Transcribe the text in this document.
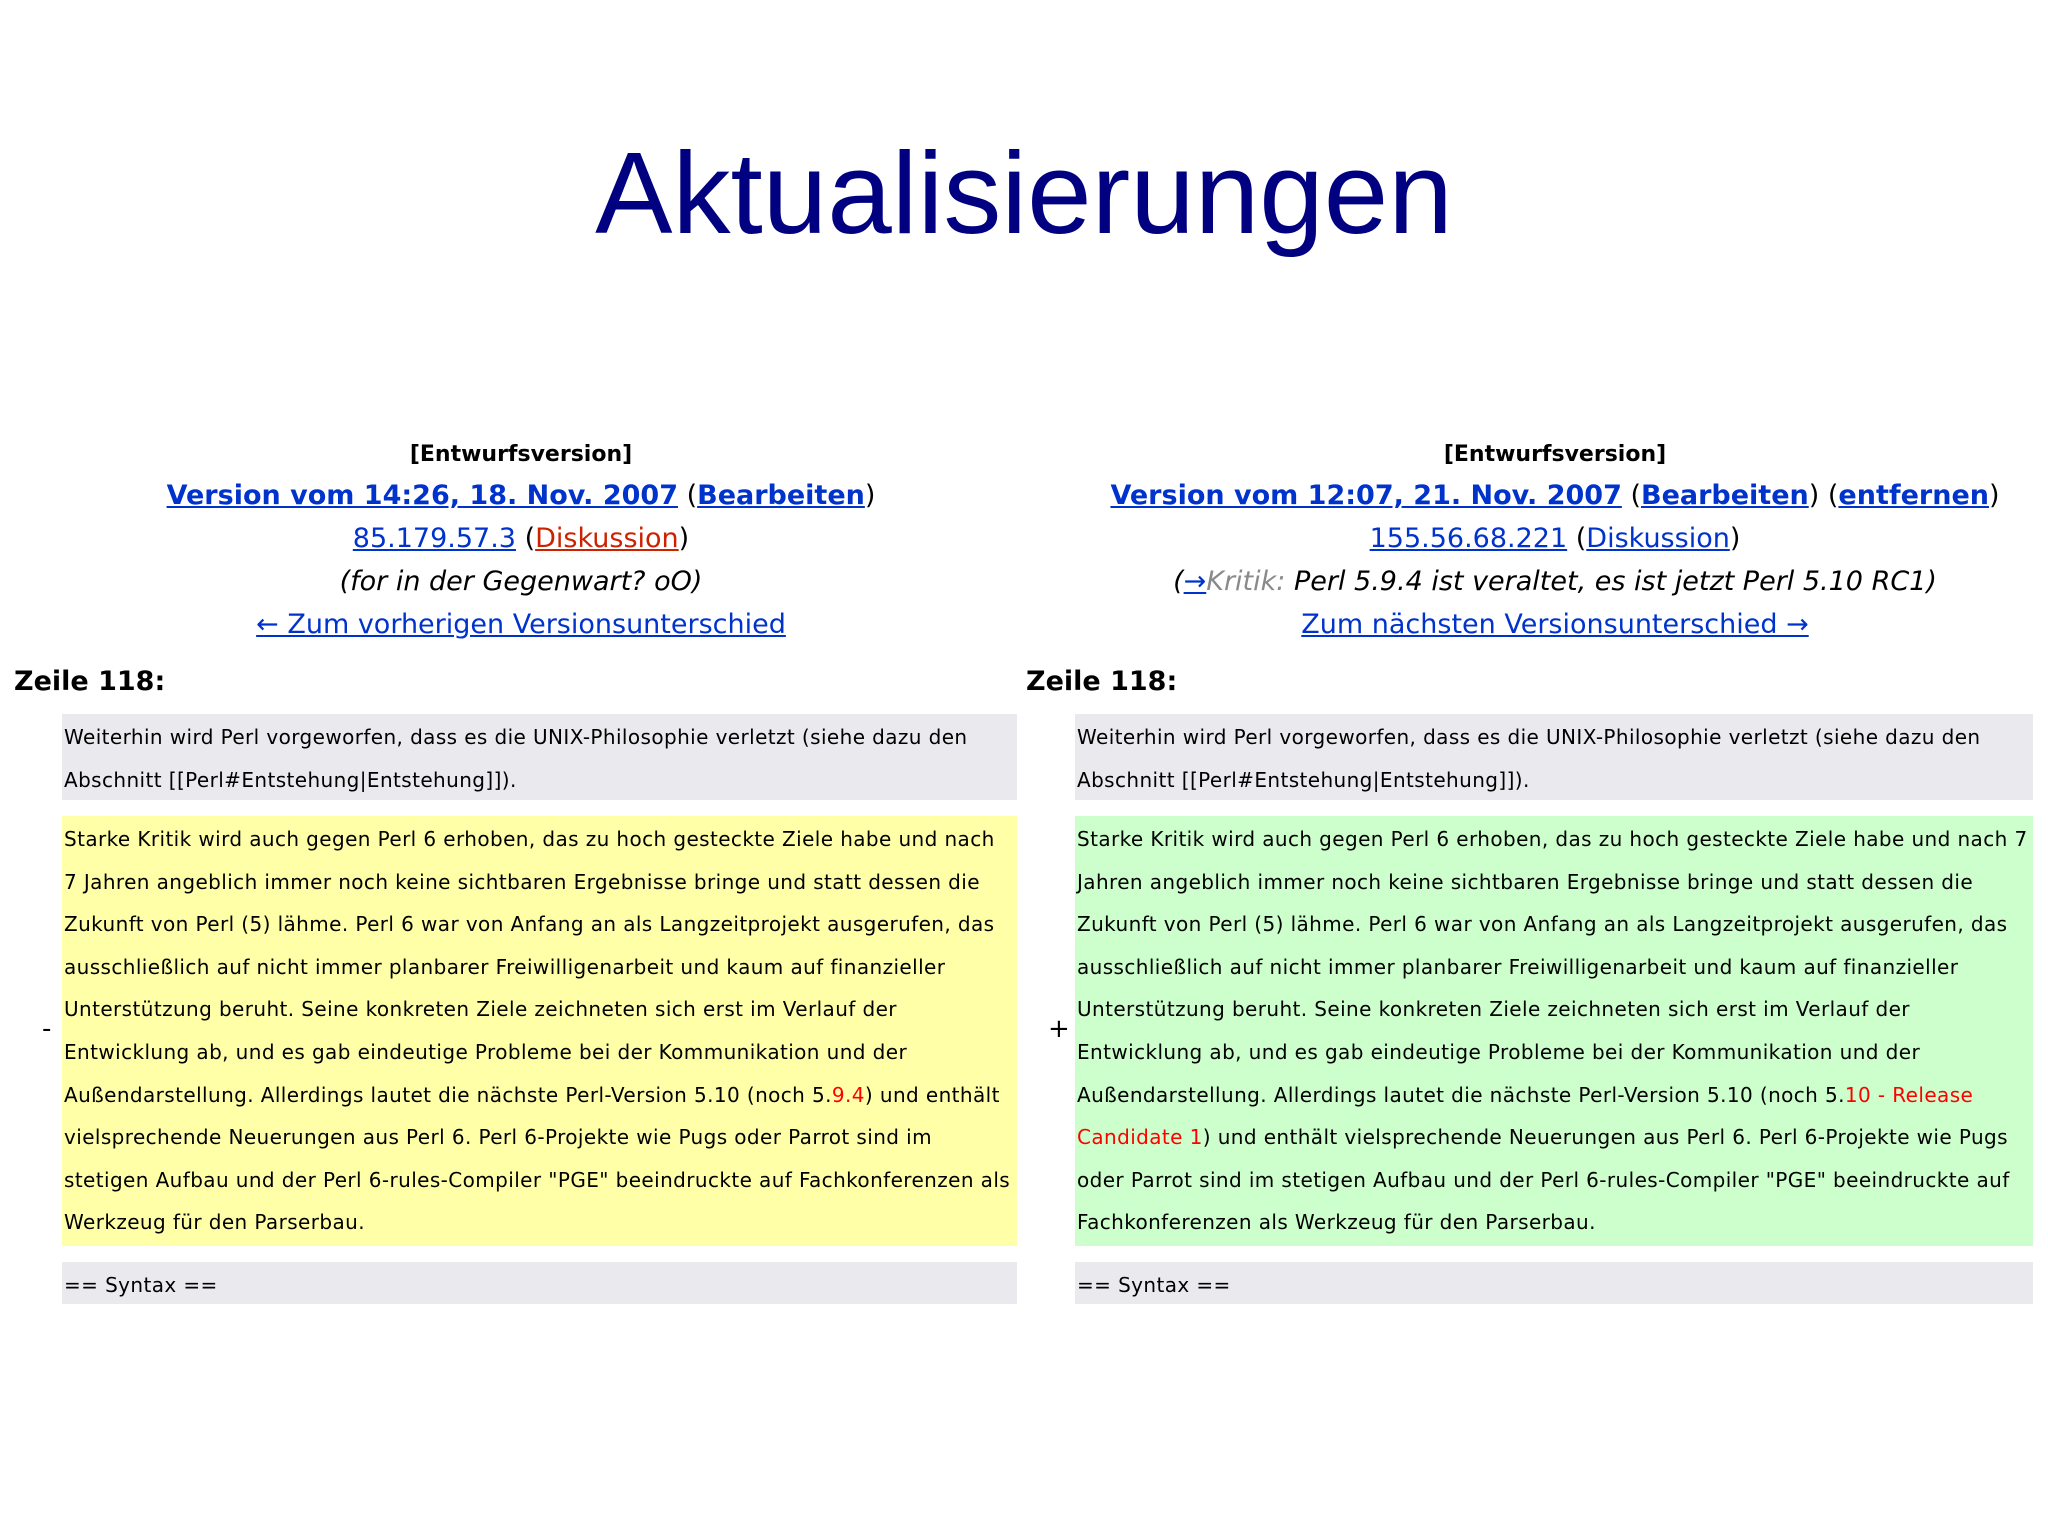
Aktualisierungen
[Entwurfsversion]
Version vom 14:26, 18. Nov. 2007 (Bearbeiten)
85.179.57.3 (Diskussion)
(for in der Gegenwart? oO)
← Zum vorherigen Versionsunterschied
[Entwurfsversion]
Version vom 12:07, 21. Nov. 2007 (Bearbeiten) (entfernen)
155.56.68.221 (Diskussion)
(→Kritik: Perl 5.9.4 ist veraltet, es ist jetzt Perl 5.10 RC1)
Zum nächsten Versionsunterschied →
Zeile 118:	Zeile 118:
Weiterhin wird Perl vorgeworfen, dass es die UNIX-Philosophie verletzt (siehe dazu den Abschnitt [[Perl#Entstehung|Entstehung]]).
-
Starke Kritik wird auch gegen Perl 6 erhoben, das zu hoch gesteckte Ziele habe und nach 7 Jahren angeblich immer noch keine sichtbaren Ergebnisse bringe und statt dessen die Zukunft von Perl (5) lähme. Perl 6 war von Anfang an als Langzeitprojekt ausgerufen, das ausschließlich auf nicht immer planbarer Freiwilligenarbeit und kaum auf finanzieller Unterstützung beruht. Seine konkreten Ziele zeichneten sich erst im Verlauf der Entwicklung ab, und es gab eindeutige Probleme bei der Kommunikation und der Außendarstellung. Allerdings lautet die nächste Perl-Version 5.10 (noch 5.9.4) und enthält vielsprechende Neuerungen aus Perl 6. Perl 6-Projekte wie Pugs oder Parrot sind im stetigen Aufbau und der Perl 6-rules-Compiler "PGE" beeindruckte auf Fachkonferenzen als Werkzeug für den Parserbau.
== Syntax ==
Weiterhin wird Perl vorgeworfen, dass es die UNIX-Philosophie verletzt (siehe dazu den Abschnitt [[Perl#Entstehung|Entstehung]]).
+
Starke Kritik wird auch gegen Perl 6 erhoben, das zu hoch gesteckte Ziele habe und nach 7 Jahren angeblich immer noch keine sichtbaren Ergebnisse bringe und statt dessen die Zukunft von Perl (5) lähme. Perl 6 war von Anfang an als Langzeitprojekt ausgerufen, das ausschließlich auf nicht immer planbarer Freiwilligenarbeit und kaum auf finanzieller Unterstützung beruht. Seine konkreten Ziele zeichneten sich erst im Verlauf der Entwicklung ab, und es gab eindeutige Probleme bei der Kommunikation und der Außendarstellung. Allerdings lautet die nächste Perl-Version 5.10 (noch 5.10 - Release Candidate 1) und enthält vielsprechende Neuerungen aus Perl 6. Perl 6-Projekte wie Pugs oder Parrot sind im stetigen Aufbau und der Perl 6-rules-Compiler "PGE" beeindruckte auf Fachkonferenzen als Werkzeug für den Parserbau.
== Syntax ==
